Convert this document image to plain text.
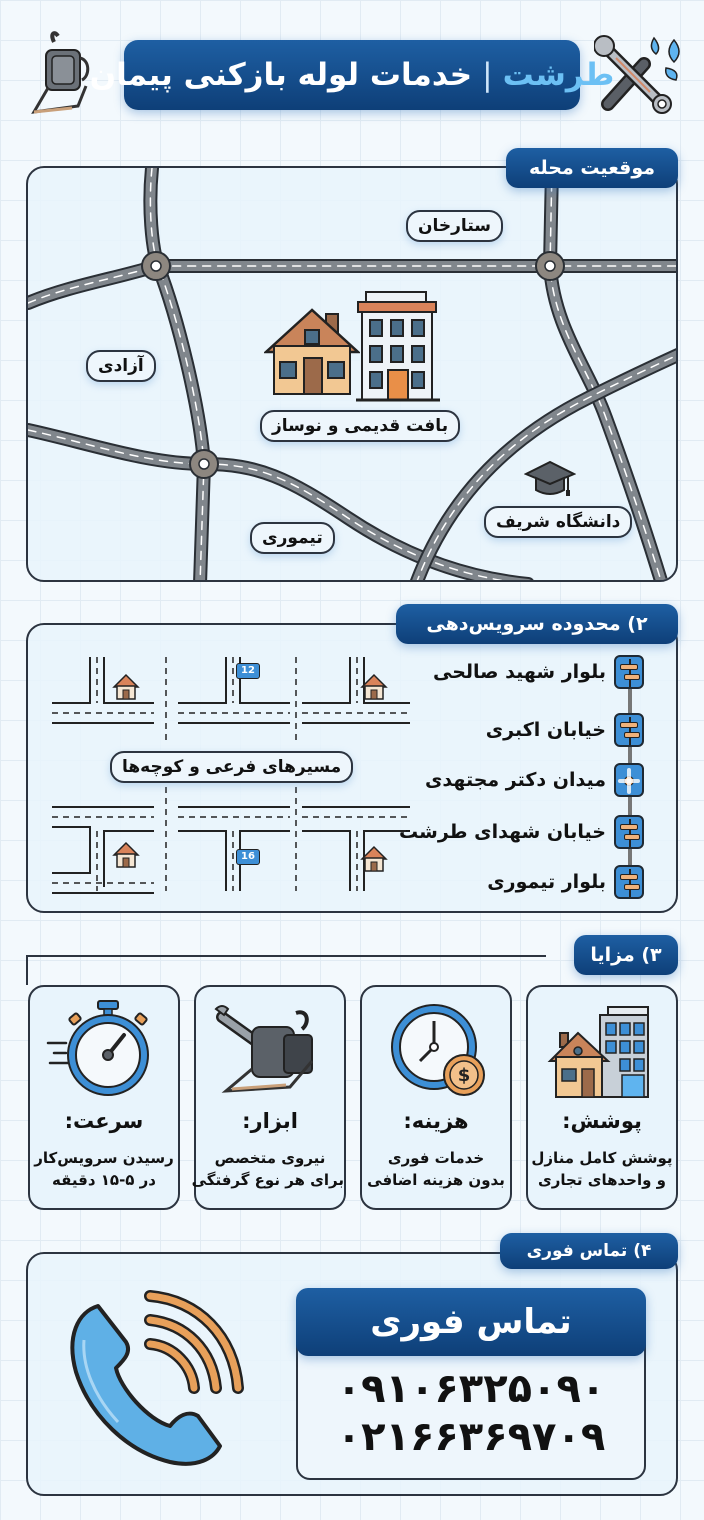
طرشت
|
خدمات لوله بازکنی پیمان
ستارخان
آزادی
بافت قدیمی و نوساز
دانشگاه شریف
تیموری
موقعیت محله
12
16
مسیرهای فرعی و کوچه‌ها
بلوار شهید صالحی
خیابان اکبری
میدان دکتر مجتهدی
خیابان شهدای طرشت
بلوار تیموری
۲) محدوده سرویس‌دهی
۳) مزایا
پوشش:
پوشش کامل منازل
و واحدهای تجاری
$
هزینه:
خدمات فوری
بدون هزینه اضافی
ابزار:
نیروی متخصص
برای هر نوع گرفتگی
سرعت:
رسیدن سرویس‌کار
در ۵-۱۵ دقیقه
تماس فوری
۰۹۱۰۶۳۲۵۰۹۰
۰۲۱۶۶۳۶۹۷۰۹
۴) تماس فوری
